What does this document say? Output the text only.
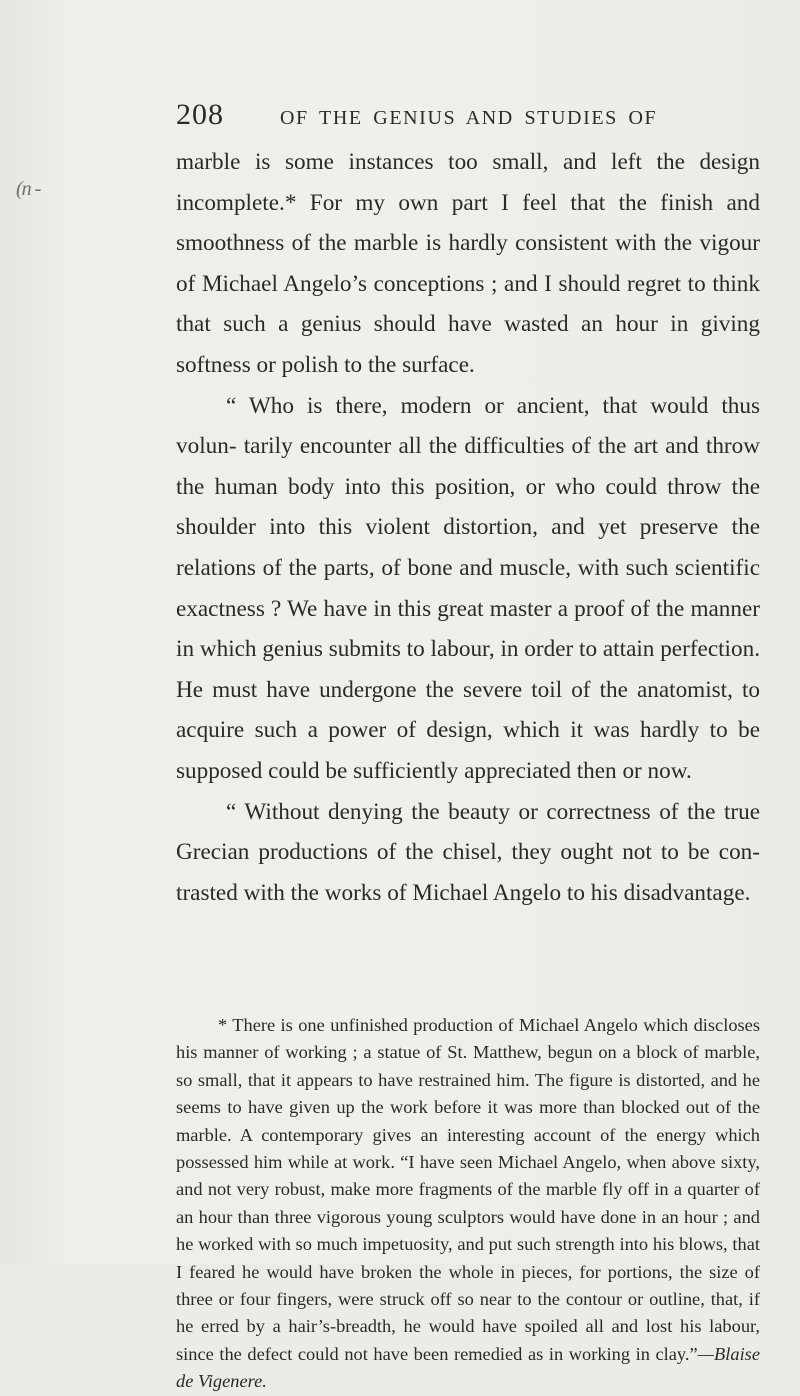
(n -
208	OF THE GENIUS AND STUDIES OF

marble is some instances too small, and left the design incomplete.* For my own part I feel that the finish and smoothness of the marble is hardly consistent with the vigour of Michael Angelo’s conceptions ; and I should regret to think that such a genius should have wasted an hour in giving softness or polish to the surface.

“ Who is there, modern or ancient, that would thus volun- tarily encounter all the difficulties of the art and throw the human body into this position, or who could throw the shoulder into this violent distortion, and yet preserve the relations of the parts, of bone and muscle, with such scientific exactness ? We have in this great master a proof of the manner in which genius submits to labour, in order to attain perfection. He must have undergone the severe toil of the anatomist, to acquire such a power of design, which it was hardly to be supposed could be sufficiently appreciated then or now.

“ Without denying the beauty or correctness of the true Grecian productions of the chisel, they ought not to be con- trasted with the works of Michael Angelo to his disadvantage.

* There is one unfinished production of Michael Angelo which discloses his manner of working ; a statue of St. Matthew, begun on a block of marble, so small, that it appears to have restrained him. The figure is distorted, and he seems to have given up the work before it was more than blocked out of the marble. A contemporary gives an interesting account of the energy which possessed him while at work. “I have seen Michael Angelo, when above sixty, and not very robust, make more fragments of the marble fly off in a quarter of an hour than three vigorous young sculptors would have done in an hour ; and he worked with so much impetuosity, and put such strength into his blows, that I feared he would have broken the whole in pieces, for portions, the size of three or four fingers, were struck off so near to the contour or outline, that, if he erred by a hair’s-breadth, he would have spoiled all and lost his labour, since the defect could not have been remedied as in working in clay.”—Blaise de Vigenere.
